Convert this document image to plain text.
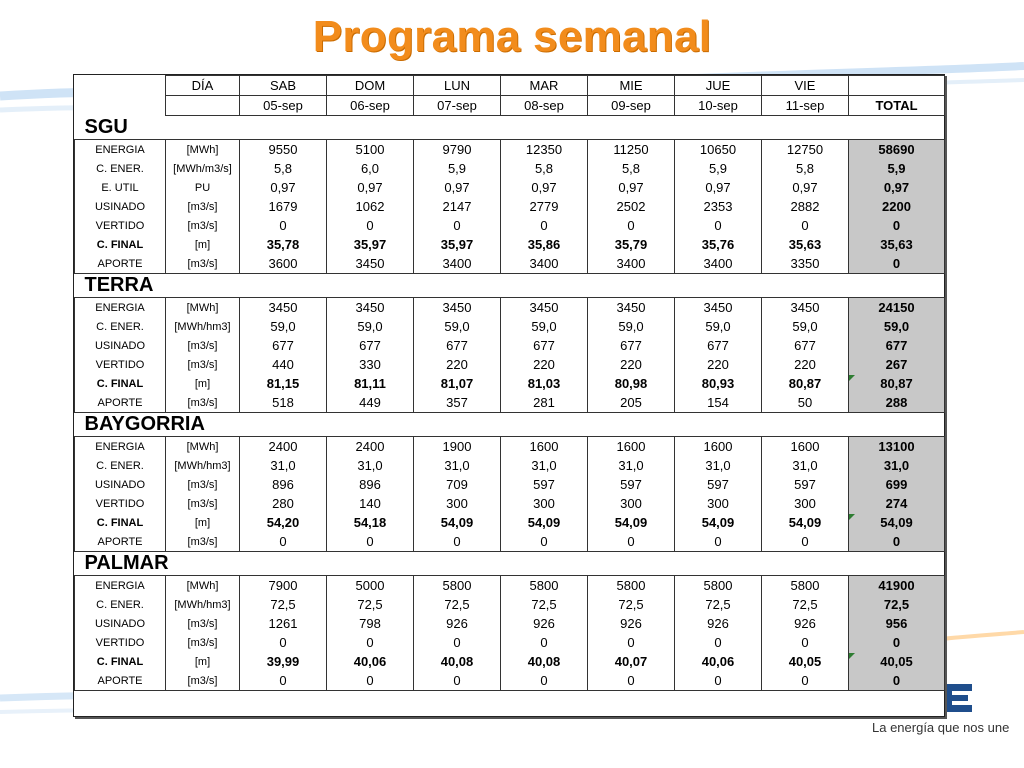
Programa semanal
	DÍA	SAB	DOM	LUN	MAR	MIE	JUE	VIE	
		05-sep	06-sep	07-sep	08-sep	09-sep	10-sep	11-sep	TOTAL
SGU									
ENERGIA	[MWh]	9550	5100	9790	12350	11250	10650	12750	58690
C. ENER.	[MWh/m3/s]	5,8	6,0	5,9	5,8	5,8	5,9	5,8	5,9
E. UTIL	PU	0,97	0,97	0,97	0,97	0,97	0,97	0,97	0,97
USINADO	[m3/s]	1679	1062	2147	2779	2502	2353	2882	2200
VERTIDO	[m3/s]	0	0	0	0	0	0	0	0
C. FINAL	[m]	35,78	35,97	35,97	35,86	35,79	35,76	35,63	35,63
APORTE	[m3/s]	3600	3450	3400	3400	3400	3400	3350	0
TERRA									
ENERGIA	[MWh]	3450	3450	3450	3450	3450	3450	3450	24150
C. ENER.	[MWh/hm3]	59,0	59,0	59,0	59,0	59,0	59,0	59,0	59,0
USINADO	[m3/s]	677	677	677	677	677	677	677	677
VERTIDO	[m3/s]	440	330	220	220	220	220	220	267
C. FINAL	[m]	81,15	81,11	81,07	81,03	80,98	80,93	80,87	80,87
APORTE	[m3/s]	518	449	357	281	205	154	50	288
BAYGORRIA									
ENERGIA	[MWh]	2400	2400	1900	1600	1600	1600	1600	13100
C. ENER.	[MWh/hm3]	31,0	31,0	31,0	31,0	31,0	31,0	31,0	31,0
USINADO	[m3/s]	896	896	709	597	597	597	597	699
VERTIDO	[m3/s]	280	140	300	300	300	300	300	274
C. FINAL	[m]	54,20	54,18	54,09	54,09	54,09	54,09	54,09	54,09
APORTE	[m3/s]	0	0	0	0	0	0	0	0
PALMAR									
ENERGIA	[MWh]	7900	5000	5800	5800	5800	5800	5800	41900
C. ENER.	[MWh/hm3]	72,5	72,5	72,5	72,5	72,5	72,5	72,5	72,5
USINADO	[m3/s]	1261	798	926	926	926	926	926	956
VERTIDO	[m3/s]	0	0	0	0	0	0	0	0
C. FINAL	[m]	39,99	40,06	40,08	40,08	40,07	40,06	40,05	40,05
APORTE	[m3/s]	0	0	0	0	0	0	0	0
La energía que nos une
